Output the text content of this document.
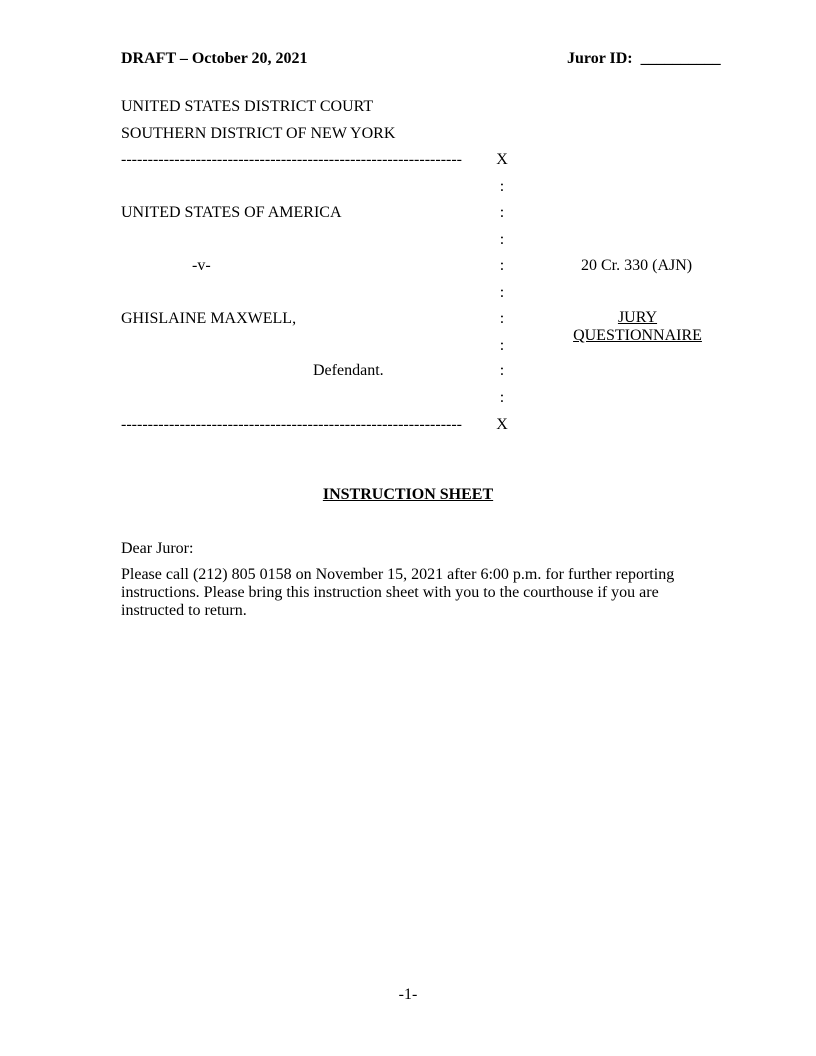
DRAFT – October 20, 2021	Juror ID: __________
UNITED STATES DISTRICT COURT
SOUTHERN DISTRICT OF NEW YORK
----------------------------------------------------------------
----------------------------------------------------------------
X
:
:
:
:
:
:
:
:
:
X
UNITED STATES OF AMERICA
-v-
GHISLAINE MAXWELL,
Defendant.
20 Cr. 330 (AJN)
JURY
QUESTIONNAIRE
INSTRUCTION SHEET
Dear Juror:
Please call (212) 805 0158 on November 15, 2021 after 6:00 p.m. for further reporting instructions. Please bring this instruction sheet with you to the courthouse if you are instructed to return.
-1-
